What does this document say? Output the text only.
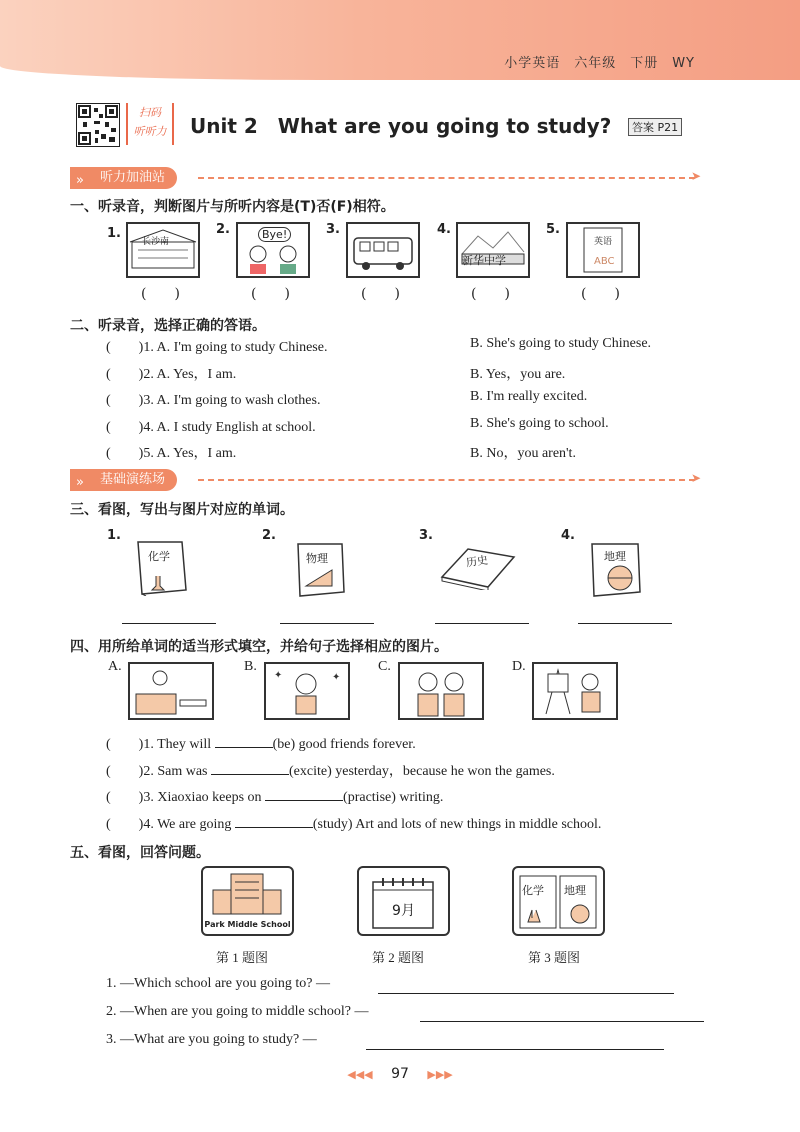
小学英语　六年级　下册　WY
扫码
听听力 Unit 2　What are you going to study?	答案 P21
» 听力加油站	➤
一、听录音，判断图片与所听内容是(T)否(F)相符。
1.
长沙南
2.	Bye!	3.	4.
新华中学
5.
ABC
英语
(　　)	(　　)	(　　)	(　　)	(　　)
二、听录音，选择正确的答语。
(　　)1. A. I'm going to study Chinese.	B. She's going to study Chinese.
(　　)2. A. Yes，I am.	B. Yes，you are.
(　　)3. A. I'm going to wash clothes.	B. I'm really excited.
(　　)4. A. I study English at school.	B. She's going to school.
(　　)5. A. Yes，I am.	B. No，you aren't.
» 基础演练场	➤
三、看图，写出与图片对应的单词。
1.
化学
2.
物理
3.
历史
4.
地理
四、用所给单词的适当形式填空，并给句子选择相应的图片。
A.	B.
✦	✦
C.	D.
(　　)1. They will	(be) good friends forever.
(　　)2. Sam was	(excite) yesterday，because he won the games.
(　　)3. Xiaoxiao keeps on	(practise) writing.
(　　)4. We are going	(study) Art and lots of new things in middle school.
五、看图，回答问题。
Park Middle School
第 1 题图
9月
第 2 题图
化学 地理
第 3 题图
1. —Which school are you going to? —
2. —When are you going to middle school? —
3. —What are you going to study? —
◀◀◀ 97 ▶▶▶
